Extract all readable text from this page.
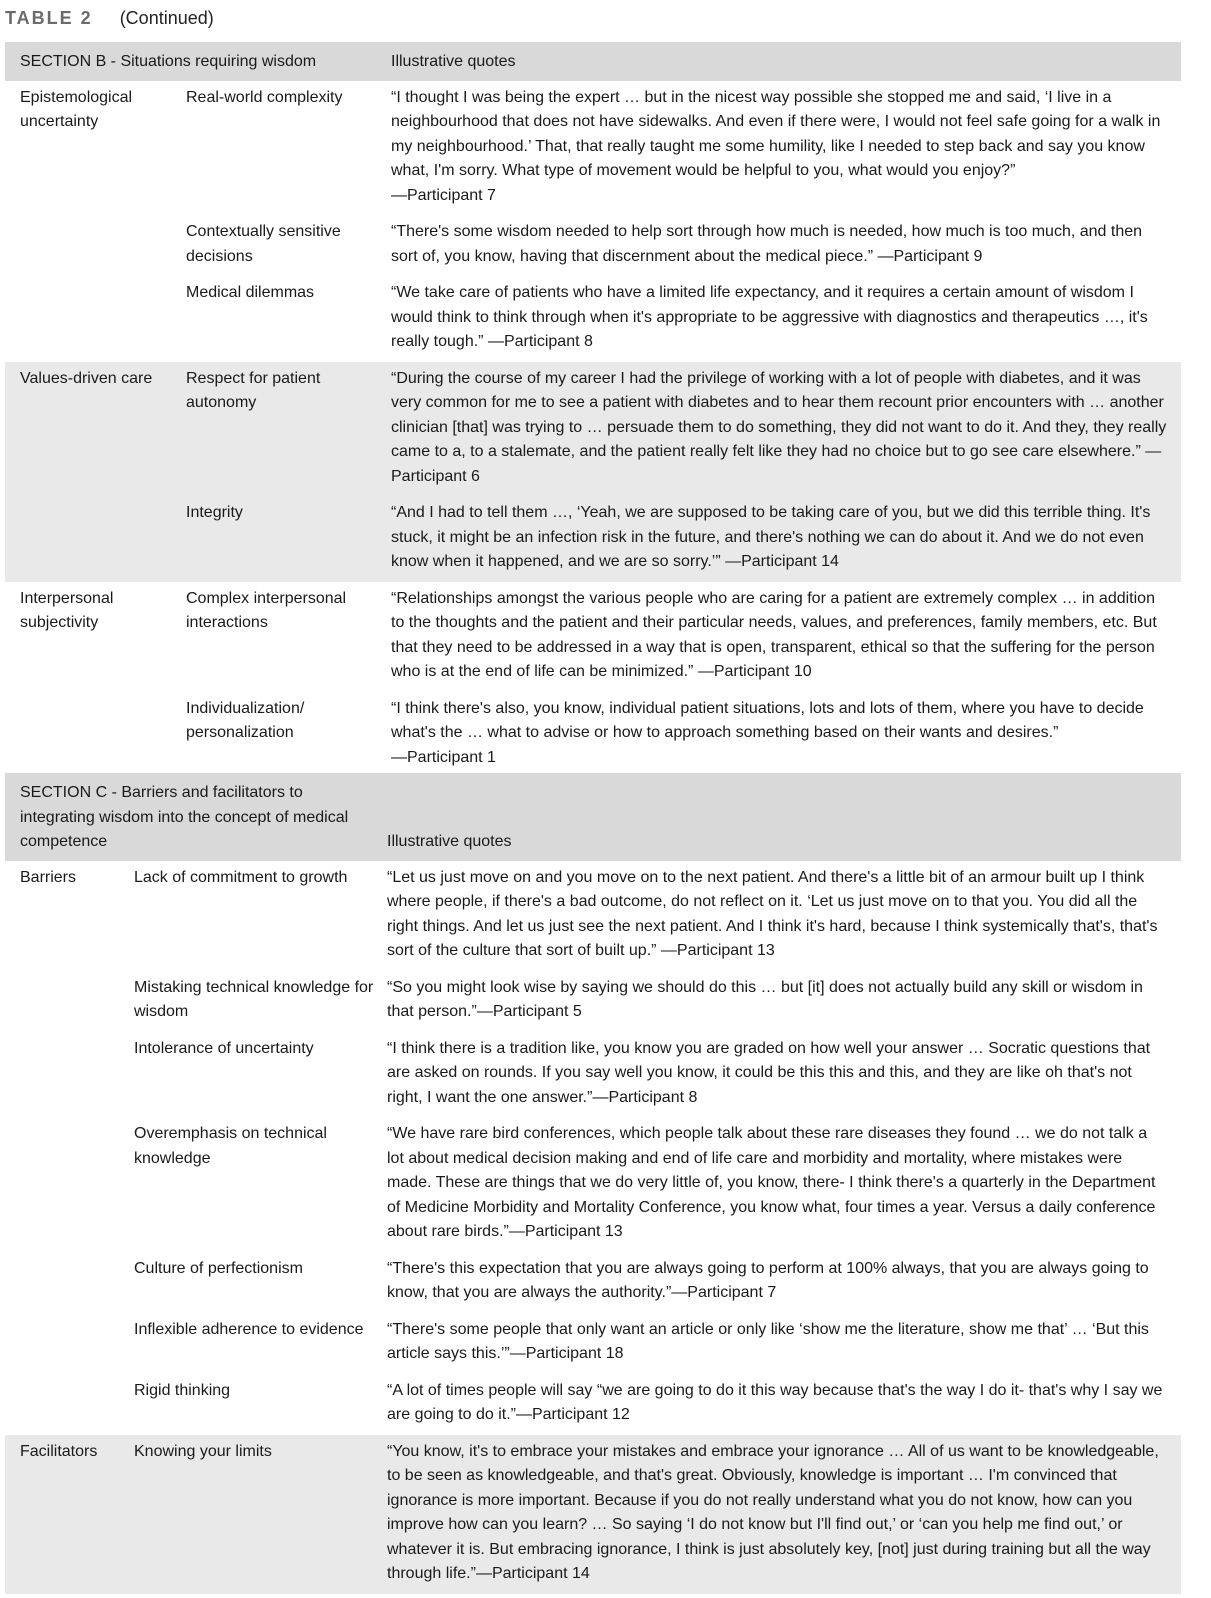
TABLE 2 (Continued)
SECTION B - Situations requiring wisdom		Illustrative quotes
Epistemological uncertainty	Real-world complexity	“I thought I was being the expert … but in the nicest way possible she stopped me and said, ‘I live in a neighbourhood that does not have sidewalks. And even if there were, I would not feel safe going for a walk in my neighbourhood.’ That, that really taught me some humility, like I needed to step back and say you know what, I'm sorry. What type of movement would be helpful to you, what would you enjoy?”
—Participant 7
	Contextually sensitive decisions	“There's some wisdom needed to help sort through how much is needed, how much is too much, and then sort of, you know, having that discernment about the medical piece.” —Participant 9
	Medical dilemmas	“We take care of patients who have a limited life expectancy, and it requires a certain amount of wisdom I would think to think through when it's appropriate to be aggressive with diagnostics and therapeutics …, it's really tough.” —Participant 8
Values-driven care	Respect for patient autonomy	“During the course of my career I had the privilege of working with a lot of people with diabetes, and it was very common for me to see a patient with diabetes and to hear them recount prior encounters with … another clinician [that] was trying to … persuade them to do something, they did not want to do it. And they, they really came to a, to a stalemate, and the patient really felt like they had no choice but to go see care elsewhere.” —Participant 6
	Integrity	“And I had to tell them …, ‘Yeah, we are supposed to be taking care of you, but we did this terrible thing. It's stuck, it might be an infection risk in the future, and there's nothing we can do about it. And we do not even know when it happened, and we are so sorry.’” —Participant 14
Interpersonal subjectivity	Complex interpersonal interactions	“Relationships amongst the various people who are caring for a patient are extremely complex … in addition to the thoughts and the patient and their particular needs, values, and preferences, family members, etc. But that they need to be addressed in a way that is open, transparent, ethical so that the suffering for the person who is at the end of life can be minimized.” —Participant 10
	Individualization/ personalization	“I think there's also, you know, individual patient situations, lots and lots of them, where you have to decide what's the … what to advise or how to approach something based on their wants and desires.”
—Participant 1
SECTION C - Barriers and facilitators to integrating wisdom into the concept of medical competence		Illustrative quotes
Barriers	Lack of commitment to growth	“Let us just move on and you move on to the next patient. And there's a little bit of an armour built up I think where people, if there's a bad outcome, do not reflect on it. ‘Let us just move on to that you. You did all the right things. And let us just see the next patient. And I think it's hard, because I think systemically that's, that's sort of the culture that sort of built up.” —Participant 13
	Mistaking technical knowledge for wisdom	“So you might look wise by saying we should do this … but [it] does not actually build any skill or wisdom in that person.”—Participant 5
	Intolerance of uncertainty	“I think there is a tradition like, you know you are graded on how well your answer … Socratic questions that are asked on rounds. If you say well you know, it could be this this and this, and they are like oh that's not right, I want the one answer.”—Participant 8
	Overemphasis on technical knowledge	“We have rare bird conferences, which people talk about these rare diseases they found … we do not talk a lot about medical decision making and end of life care and morbidity and mortality, where mistakes were made. These are things that we do very little of, you know, there- I think there's a quarterly in the Department of Medicine Morbidity and Mortality Conference, you know what, four times a year. Versus a daily conference about rare birds.”—Participant 13
	Culture of perfectionism	“There's this expectation that you are always going to perform at 100% always, that you are always going to know, that you are always the authority.”—Participant 7
	Inflexible adherence to evidence	“There's some people that only want an article or only like ‘show me the literature, show me that’ … ‘But this article says this.’”—Participant 18
	Rigid thinking	“A lot of times people will say “we are going to do it this way because that's the way I do it- that's why I say we are going to do it.”—Participant 12
Facilitators	Knowing your limits	“You know, it's to embrace your mistakes and embrace your ignorance … All of us want to be knowledgeable, to be seen as knowledgeable, and that's great. Obviously, knowledge is important … I'm convinced that ignorance is more important. Because if you do not really understand what you do not know, how can you improve how can you learn? … So saying ‘I do not know but I'll find out,’ or ‘can you help me find out,’ or whatever it is. But embracing ignorance, I think is just absolutely key, [not] just during training but all the way through life.”—Participant 14
